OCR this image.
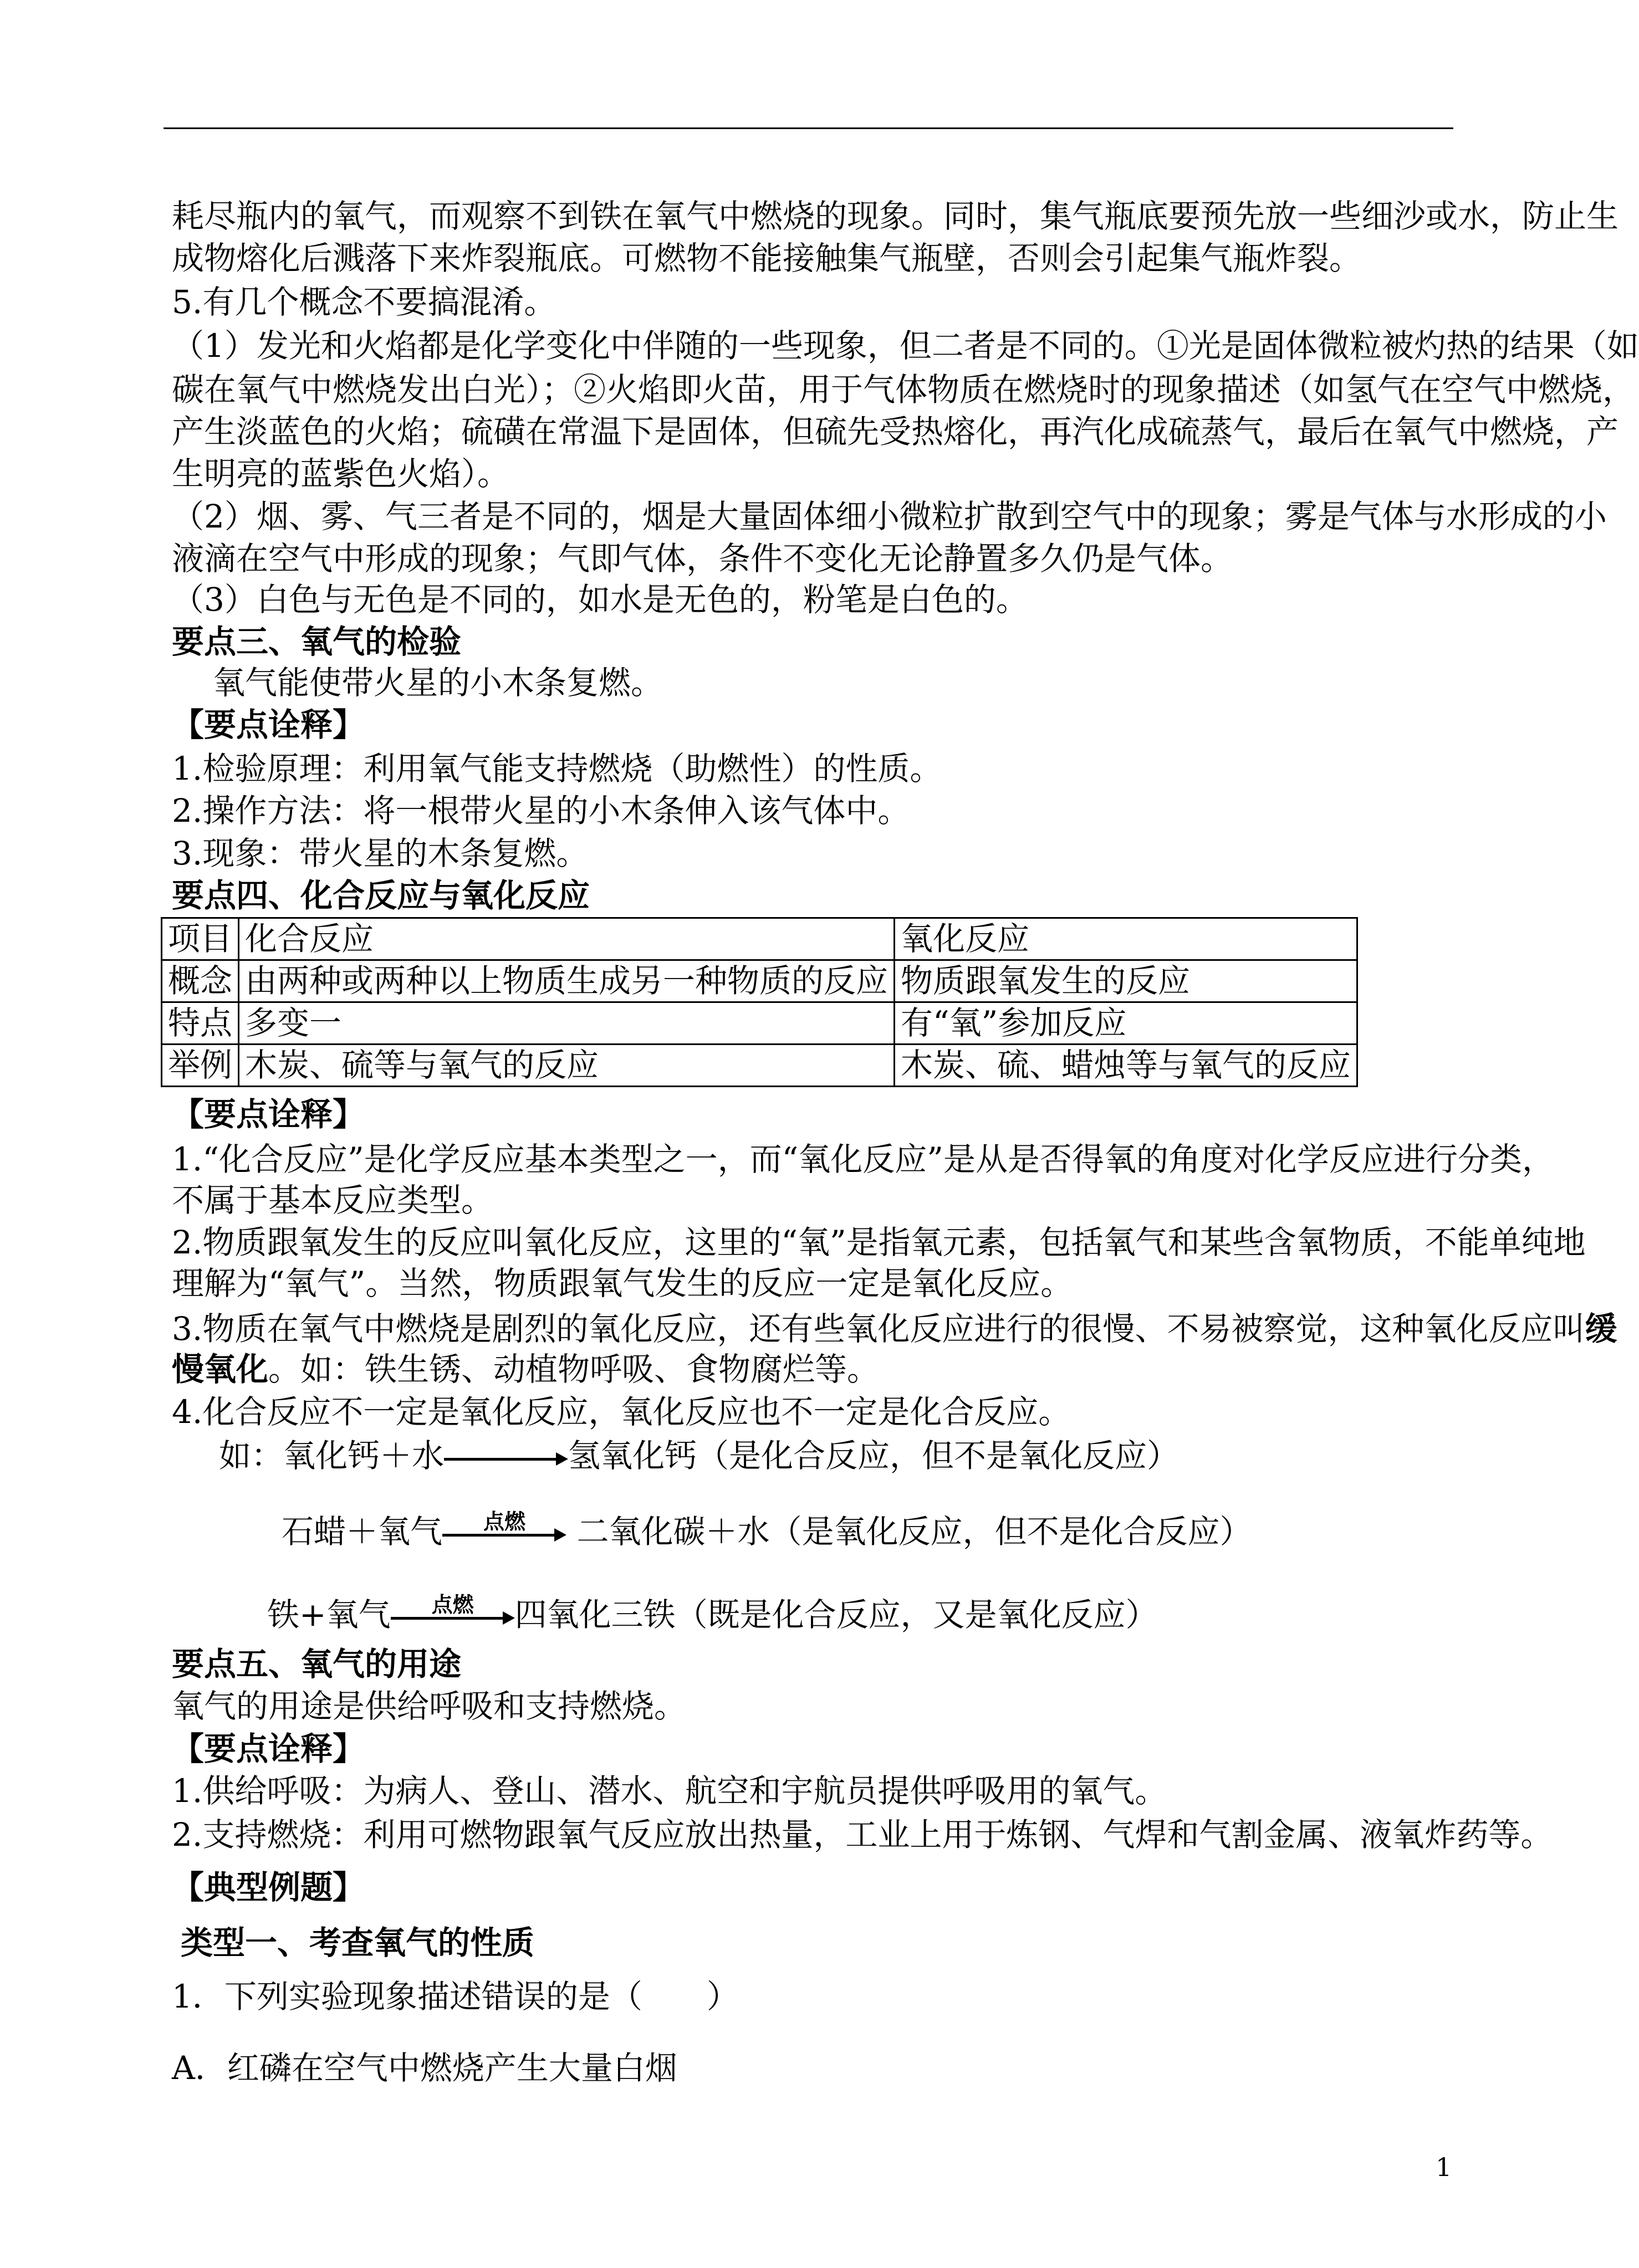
耗尽瓶内的氧气，而观察不到铁在氧气中燃烧的现象。同时，集气瓶底要预先放一些细沙或水，防止生
成物熔化后溅落下来炸裂瓶底。可燃物不能接触集气瓶壁，否则会引起集气瓶炸裂。
5.有几个概念不要搞混淆。
（1）发光和火焰都是化学变化中伴随的一些现象，但二者是不同的。①光是固体微粒被灼热的结果（如
碳在氧气中燃烧发出白光）；②火焰即火苗，用于气体物质在燃烧时的现象描述（如氢气在空气中燃烧，
产生淡蓝色的火焰；硫磺在常温下是固体，但硫先受热熔化，再汽化成硫蒸气，最后在氧气中燃烧，产
生明亮的蓝紫色火焰）。
（2）烟、雾、气三者是不同的，烟是大量固体细小微粒扩散到空气中的现象；雾是气体与水形成的小
液滴在空气中形成的现象；气即气体，条件不变化无论静置多久仍是气体。
（3）白色与无色是不同的，如水是无色的，粉笔是白色的。
要点三、氧气的检验
氧气能使带火星的小木条复燃。
【要点诠释】
1.检验原理：利用氧气能支持燃烧（助燃性）的性质。
2.操作方法：将一根带火星的小木条伸入该气体中。
3.现象：带火星的木条复燃。
要点四、化合反应与氧化反应
项目	化合反应	氧化反应
概念	由两种或两种以上物质生成另一种物质的反应	物质跟氧发生的反应
特点	多变一	有“氧”参加反应
举例	木炭、硫等与氧气的反应	木炭、硫、蜡烛等与氧气的反应
【要点诠释】
1.“化合反应”是化学反应基本类型之一，而“氧化反应”是从是否得氧的角度对化学反应进行分类，
不属于基本反应类型。
2.物质跟氧发生的反应叫氧化反应，这里的“氧”是指氧元素，包括氧气和某些含氧物质，不能单纯地
理解为“氧气”。当然，物质跟氧气发生的反应一定是氧化反应。
3.物质在氧气中燃烧是剧烈的氧化反应，还有些氧化反应进行的很慢、不易被察觉，这种氧化反应叫 缓
慢氧化。如：铁生锈、动植物呼吸、食物腐烂等。
4.化合反应不一定是氧化反应，氧化反应也不一定是化合反应。
如：氧化钙＋水	氢氧化钙（是化合反应，但不是氧化反应）
石蜡＋氧气	点燃	二氧化碳＋水（是氧化反应，但不是化合反应）
铁+氧气	点燃	四氧化三铁（既是化合反应，又是氧化反应）
要点五、氧气的用途
氧气的用途是供给呼吸和支持燃烧。
【要点诠释】
1.供给呼吸：为病人、登山、潜水、航空和宇航员提供呼吸用的氧气。
2.支持燃烧：利用可燃物跟氧气反应放出热量，工业上用于炼钢、气焊和气割金属、液氧炸药等。
【典型例题】
类型一、考查氧气的性质
1．下列实验现象描述错误的是（　　）
A．红磷在空气中燃烧产生大量白烟
1
